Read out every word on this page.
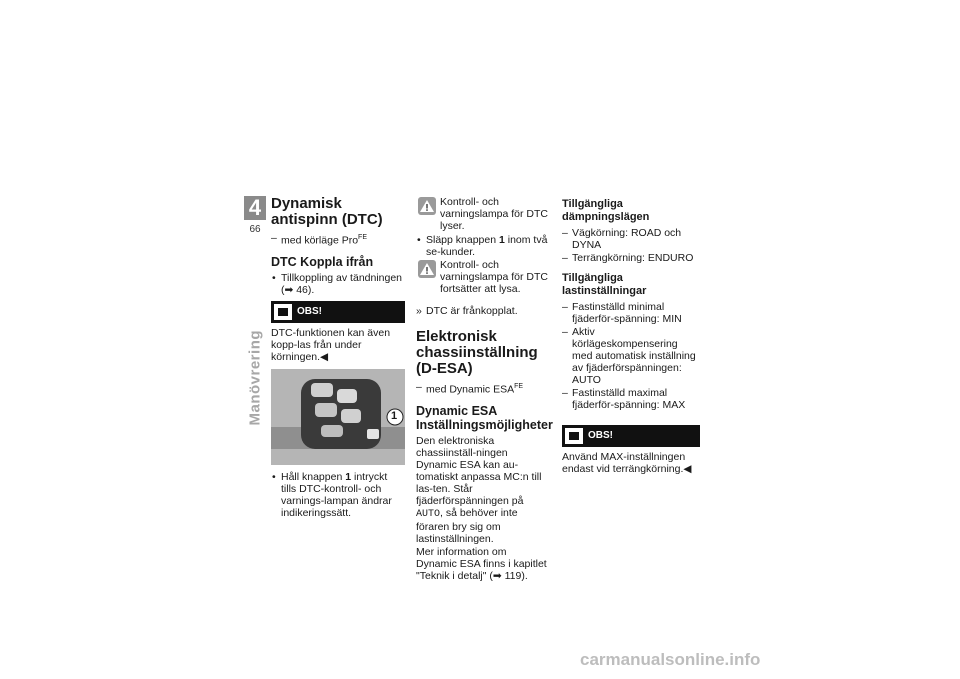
4
66
Manövrering
Dynamisk antispinn (DTC)

– med körläge Pro$^{FE}$

DTC Koppla ifrån

• Tillkoppling av tändningen
(➡ 46).

OBS!

DTC-funktionen kan även kopp-las från under körningen.◀

1

• Håll knappen 1 intryckt tills DTC-kontroll- och varnings-lampan ändrar indikeringssätt.

Kontroll- och varningslampa för DTC lyser.

• Släpp knappen 1 inom två se-kunder.

Kontroll- och varningslampa för DTC fortsätter att lysa.

» DTC är frånkopplat.

Elektronisk chassiinställning (D-ESA)

– med Dynamic $ESA^{FE}$

Dynamic ESA Inställningsmöjligheter

Den elektroniska chassiinställ-ningen Dynamic ESA kan au-tomatiskt anpassa MC:n till las-ten. Står fjäderförspänningen på AUTO, så behöver inte föraren bry sig om lastinställningen.

Mer information om Dynamic ESA finns i kapitlet "Teknik i detalj" (➡ 119).

Tillgängliga dämpningslägen

– Vägkörning: ROAD och DYNA

– Terrängkörning: ENDURO

Tillgängliga lastinställningar

– Fastinställd minimal fjäderför-spänning: MIN

– Aktiv körlägeskompensering med automatisk inställning av fjäderförspänningen: AUTO

– Fastinställd maximal fjäderför-spänning: MAX

OBS!

Använd MAX-inställningen endast vid terrängkörning.◀

carmanualsonline.info
